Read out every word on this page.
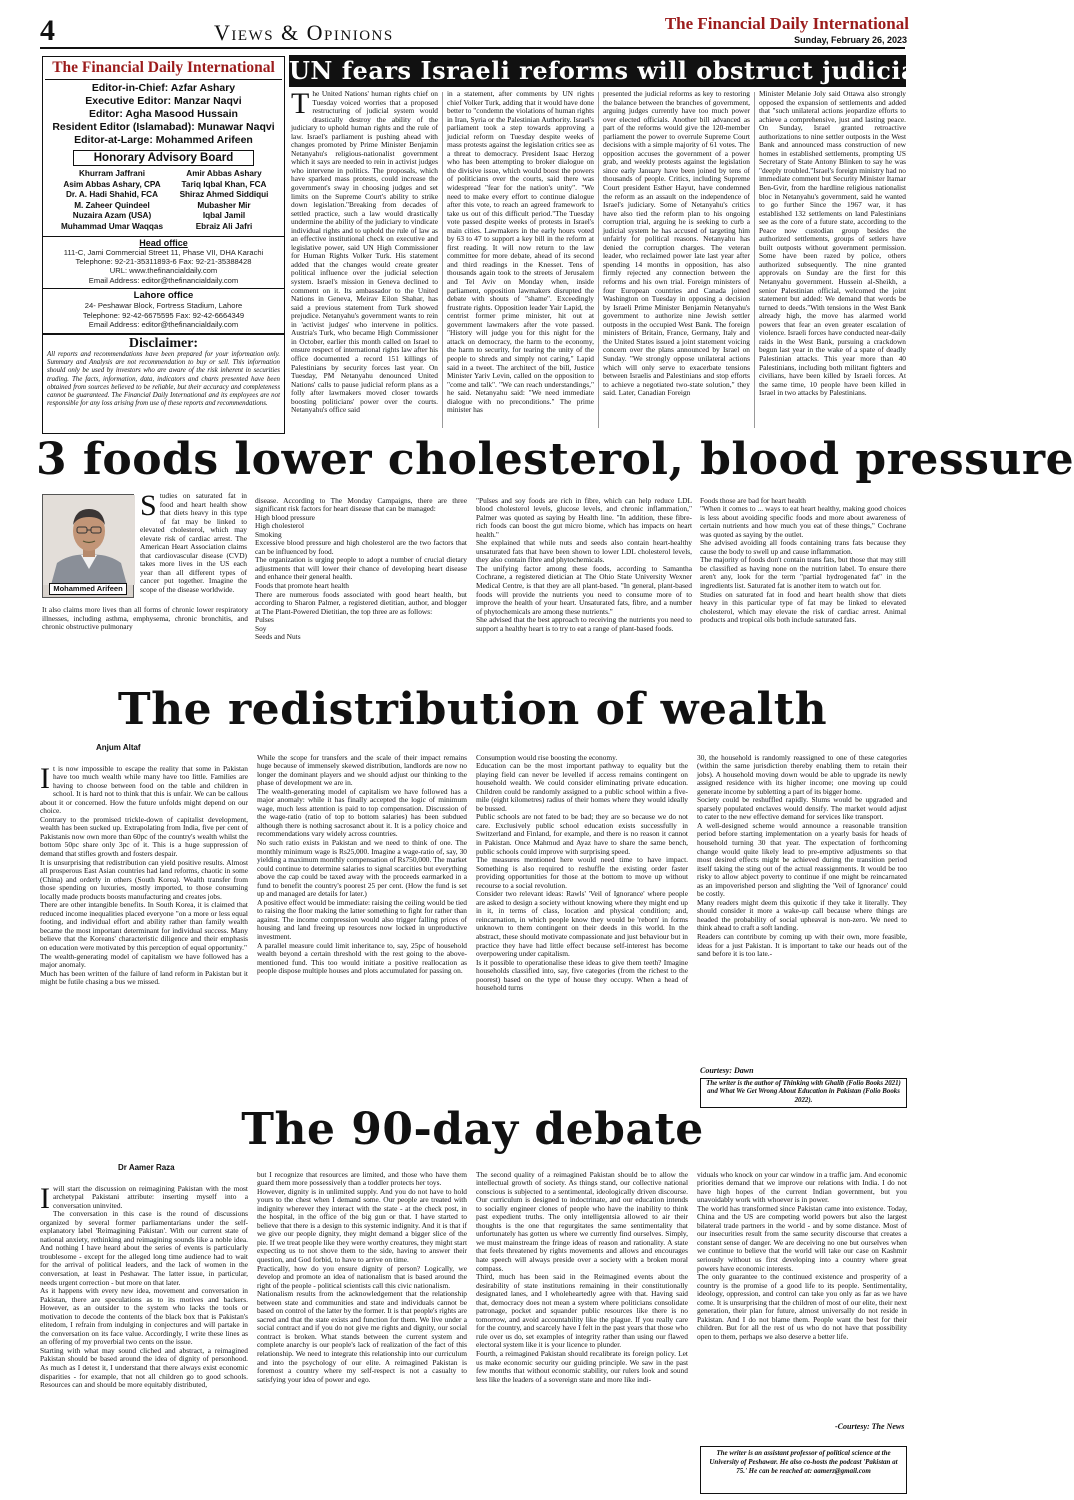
4	Views & Opinions	The Financial Daily International
Sunday, February 26, 2023
The Financial Daily International
Editor-in-Chief: Azfar Ashary
Executive Editor: Manzar Naqvi
Editor: Agha Masood Hussain
Resident Editor (Islamabad): Munawar Naqvi
Editor-at-Large: Mohammed Arifeen
Honorary Advisory Board
Khurram Jaffrani
Asim Abbas Ashary, CPA
Dr. A. Hadi Shahid, FCA
M. Zaheer Quindeel
Nuzaira Azam (USA)
Muhammad Umar Waqqas
Amir Abbas Ashary
Tariq Iqbal Khan, FCA
Shiraz Ahmed Siddiqui
Mubasher Mir
Iqbal Jamil
Ebraiz Ali Jafri
Head office
111-C, Jami Commercial Street 11, Phase VII, DHA Karachi
Telephone: 92-21-35311893-6 Fax: 92-21-35388428
URL: www.thefinancialdaily.com
Email Address: editor@thefinancialdaily.com
Lahore office
24- Peshawar Block, Fortress Stadium, Lahore
Telephone: 92-42-6675595 Fax: 92-42-6664349
Email Address: editor@thefinancialdaily.com
Disclaimer:
All reports and recommendations have been prepared for your information only. Summary and Analysis are not recommendation to buy or sell. This information should only be used by investors who are aware of the risk inherent in securities trading. The facts, information, data, indicators and charts presented have been obtained from sources believed to be reliable, but their accuracy and completeness cannot be guaranteed. The Financial Daily International and its employees are not responsible for any loss arising from use of these reports and recommendations.
UN fears Israeli reforms will obstruct judiciary
The United Nations' human rights chief on Tuesday voiced worries that a proposed restructuring of judicial system would drastically destroy the ability of the judiciary to uphold human rights and the rule of law. Israel's parliament is pushing ahead with changes promoted by Prime Minister Benjamin Netanyahu's religious-nationalist government which it says are needed to rein in activist judges who intervene in politics. The proposals, which have sparked mass protests, could increase the government's sway in choosing judges and set limits on the Supreme Court's ability to strike down legislation."Breaking from decades of settled practice, such a law would drastically undermine the ability of the judiciary to vindicate individual rights and to uphold the rule of law as an effective institutional check on executive and legislative power, said UN High Commissioner for Human Rights Volker Turk. His statement added that the changes would create greater political influence over the judicial selection system. Israel's mission in Geneva declined to comment on it. Its ambassador to the United Nations in Geneva, Meirav Eilon Shahar, has said a previous statement from Turk showed prejudice. Netanyahu's government wants to rein in 'activist judges' who intervene in politics. Austria's Turk, who became High Commissioner in October, earlier this month called on Israel to ensure respect of international rights law after his office documented a record 151 killings of Palestinians by security forces last year. On Tuesday, PM Netanyahu denounced United Nations' calls to pause judicial reform plans as a folly after lawmakers moved closer towards boosting politicians' power over the courts. Netanyahu's office said
in a statement, after comments by UN rights chief Volker Turk, adding that it would have done better to "condemn the violations of human rights in Iran, Syria or the Palestinian Authority. Israel's parliament took a step towards approving a judicial reform on Tuesday despite weeks of mass protests against the legislation critics see as a threat to democracy. President Isaac Herzog who has been attempting to broker dialogue on the divisive issue, which would boost the powers of politicians over the courts, said there was widespread "fear for the nation's unity". "We need to make every effort to continue dialogue after this vote, to reach an agreed framework to take us out of this difficult period."The Tuesday vote passed despite weeks of protests in Israel's main cities. Lawmakers in the early hours voted by 63 to 47 to support a key bill in the reform at first reading. It will now return to the law committee for more debate, ahead of its second and third readings in the Knesset. Tens of thousands again took to the streets of Jerusalem and Tel Aviv on Monday when, inside parliament, opposition lawmakers disrupted the debate with shouts of "shame". Exceedingly frustrate rights. Opposition leader Yair Lapid, the centrist former prime minister, hit out at government lawmakers after the vote passed. "History will judge you for this night for the attack on democracy, the harm to the economy, the harm to security, for tearing the unity of the people to shreds and simply not caring," Lapid said in a tweet. The architect of the bill, Justice Minister Yariv Levin, called on the opposition to "come and talk". "We can reach understandings," he said. Netanyahu said: "We need immediate dialogue with no preconditions." The prime minister has
presented the judicial reforms as key to restoring the balance between the branches of government, arguing judges currently have too much power over elected officials. Another bill advanced as part of the reforms would give the 120-member parliament the power to overrule Supreme Court decisions with a simple majority of 61 votes. The opposition accuses the government of a power grab, and weekly protests against the legislation since early January have been joined by tens of thousands of people. Critics, including Supreme Court president Esther Hayut, have condemned the reform as an assault on the independence of Israel's judiciary. Some of Netanyahu's critics have also tied the reform plan to his ongoing corruption trial, arguing he is seeking to curb a judicial system he has accused of targeting him unfairly for political reasons. Netanyahu has denied the corruption charges. The veteran leader, who reclaimed power late last year after spending 14 months in opposition, has also firmly rejected any connection between the reforms and his own trial. Foreign ministers of four European countries and Canada joined Washington on Tuesday in opposing a decision by Israeli Prime Minister Benjamin Netanyahu's government to authorize nine Jewish settler outposts in the occupied West Bank. The foreign ministers of Britain, France, Germany, Italy and the United States issued a joint statement voicing concern over the plans announced by Israel on Sunday. "We strongly oppose unilateral actions which will only serve to exacerbate tensions between Israelis and Palestinians and stop efforts to achieve a negotiated two-state solution," they said. Later, Canadian Foreign
Minister Melanie Joly said Ottawa also strongly opposed the expansion of settlements and added that "such unilateral actions jeopardize efforts to achieve a comprehensive, just and lasting peace. On Sunday, Israel granted retroactive authorizations to nine settler outposts in the West Bank and announced mass construction of new homes in established settlements, prompting US Secretary of State Antony Blinken to say he was "deeply troubled."Israel's foreign ministry had no immediate comment but Security Minister Itamar Ben-Gvir, from the hardline religious nationalist bloc in Netanyahu's government, said he wanted to go further Since the 1967 war, it has established 132 settlements on land Palestinians see as the core of a future state, according to the Peace now custodian group besides the authorized settlements, groups of setlers have built outposts without government permission. Some have been razed by police, others authorized subsequently. The nine granted approvals on Sunday are the first for this Netanyahu government. Hussein al-Sheikh, a senior Palestinian official, welcomed the joint statement but added: We demand that words be turned to deeds."With tensions in the West Bank already high, the move has alarmed world powers that fear an even greater escalation of violence. Israeli forces have conducted near-daily raids in the West Bank, pursuing a crackdown begun last year in the wake of a spate of deadly Palestinian attacks. This year more than 40 Palestinians, including both militant fighters and civilians, have been killed by Israeli forces. At the same time, 10 people have been killed in Israel in two attacks by Palestinians.
3 foods lower cholesterol, blood pressure
Mohammed Arifeen
Studies on saturated fat in food and heart health show that diets heavy in this type of fat may be linked to elevated cholesterol, which may elevate risk of cardiac arrest. The American Heart Association claims that cardiovascular disease (CVD) takes more lives in the US each year than all different types of cancer put together. Imagine the scope of the disease worldwide.
It also claims more lives than all forms of chronic lower respiratory illnesses, including asthma, emphysema, chronic bronchitis, and chronic obstructive pulmonary

disease. According to The Monday Campaigns, there are three significant risk factors for heart disease that can be managed:
High blood pressure
High cholesterol
Smoking
Excessive blood pressure and high cholesterol are the two factors that can be influenced by food.
The organization is urging people to adopt a number of crucial dietary adjustments that will lower their chance of developing heart disease and enhance their general health.
Foods that promote heart health
There are numerous foods associated with good heart health, but according to Sharon Palmer, a registered dietitian, author, and blogger at The Plant-Powered Dietitian, the top three are as follows:
Pulses
Soy
Seeds and Nuts

"Pulses and soy foods are rich in fibre, which can help reduce LDL blood cholesterol levels, glucose levels, and chronic inflammation," Palmer was quoted as saying by Health line. "In addition, these fibre-rich foods can boost the gut micro biome, which has impacts on heart health."
She explained that while nuts and seeds also contain heart-healthy unsaturated fats that have been shown to lower LDL cholesterol levels, they also contain fibre and phytochemicals.
The unifying factor among these foods, according to Samantha Cochrane, a registered dietician at The Ohio State University Wexner Medical Centre, is that they are all plant-based. "In general, plant-based foods will provide the nutrients you need to consume more of to improve the health of your heart. Unsaturated fats, fibre, and a number of phytochemicals are among these nutrients."
She advised that the best approach to receiving the nutrients you need to support a healthy heart is to try to eat a range of plant-based foods.

Foods those are bad for heart health
"When it comes to ... ways to eat heart healthy, making good choices is less about avoiding specific foods and more about awareness of certain nutrients and how much you eat of these things," Cochrane was quoted as saying by the outlet.
She advised avoiding all foods containing trans fats because they cause the body to swell up and cause inflammation.
The majority of foods don't contain trans fats, but those that may still be classified as having none on the nutrition label. To ensure there aren't any, look for the term "partial hydrogenated fat" in the ingredients list. Saturated fat is another item to watch out for.
Studies on saturated fat in food and heart health show that diets heavy in this particular type of fat may be linked to elevated cholesterol, which may elevate the risk of cardiac arrest. Animal products and tropical oils both include saturated fats.

The redistribution of wealth
Anjum Altaf

It is now impossible to escape the reality that some in Pakistan have too much wealth while many have too little. Families are having to choose between food on the table and children in school. It is hard not to think that this is unfair. We can be callous about it or concerned. How the future unfolds might depend on our choice.
Contrary to the promised trickle-down of capitalist development, wealth has been sucked up. Extrapolating from India, five per cent of Pakistanis now own more than 60pc of the country's wealth whilst the bottom 50pc share only 3pc of it. This is a huge suppression of demand that stifles growth and fosters despair.
It is unsurprising that redistribution can yield positive results. Almost all prosperous East Asian countries had land reforms, chaotic in some (China) and orderly in others (South Korea). Wealth transfer from those spending on luxuries, mostly imported, to those consuming locally made products boosts manufacturing and creates jobs.
There are other intangible benefits. In South Korea, it is claimed that reduced income inequalities placed everyone "on a more or less equal footing, and individual effort and ability rather than family wealth became the most important determinant for individual success. Many believe that the Koreans' characteristic diligence and their emphasis on education were motivated by this perception of equal opportunity."
The wealth-generating model of capitalism we have followed has a major anomaly.
Much has been written of the failure of land reform in Pakistan but it might be futile chasing a bus we missed.

While the scope for transfers and the scale of their impact remains huge because of immensely skewed distribution, landlords are now no longer the dominant players and we should adjust our thinking to the phase of development we are in.
The wealth-generating model of capitalism we have followed has a major anomaly: while it has finally accepted the logic of minimum wage, much less attention is paid to top compensation. Discussion of the wage-ratio (ratio of top to bottom salaries) has been subdued although there is nothing sacrosanct about it. It is a policy choice and recommendations vary widely across countries.
No such ratio exists in Pakistan and we need to think of one. The monthly minimum wage is Rs25,000. Imagine a wage-ratio of, say, 30 yielding a maximum monthly compensation of Rs750,000. The market could continue to determine salaries to signal scarcities but everything above the cap could be taxed away with the proceeds earmarked in a fund to benefit the country's poorest 25 per cent. (How the fund is set up and managed are details for later.)
A positive effect would be immediate: raising the ceiling would be tied to raising the floor making the latter something to fight for rather than against. The income compression would also trigger falling prices of housing and land freeing up resources now locked in unproductive investment.
A parallel measure could limit inheritance to, say, 25pc of household wealth beyond a certain threshold with the rest going to the above-mentioned fund. This too would initiate a positive reallocation as people dispose multiple houses and plots accumulated for passing on.

Consumption would rise boosting the economy.
Education can be the most important pathway to equality but the playing field can never be levelled if access remains contingent on household wealth. We could consider eliminating private education. Children could be randomly assigned to a public school within a five-mile (eight kilometres) radius of their homes where they would ideally be bussed.
Public schools are not fated to be bad; they are so because we do not care. Exclusively public school education exists successfully in Switzerland and Finland, for example, and there is no reason it cannot in Pakistan. Once Mahmud and Ayaz have to share the same bench, public schools could improve with surprising speed.
The measures mentioned here would need time to have impact. Something is also required to reshuffle the existing order faster providing opportunities for those at the bottom to move up without recourse to a social revolution.
Consider two relevant ideas: Rawls' 'Veil of Ignorance' where people are asked to design a society without knowing where they might end up in it, in terms of class, location and physical condition; and, reincarnation, in which people know they would be 'reborn' in forms unknown to them contingent on their deeds in this world. In the abstract, these should motivate compassionate and just behaviour but in practice they have had little effect because self-interest has become overpowering under capitalism.
Is it possible to operationalise these ideas to give them teeth? Imagine households classified into, say, five categories (from the richest to the poorest) based on the type of house they occupy. When a head of household turns

30, the household is randomly reassigned to one of these categories (within the same jurisdiction thereby enabling them to retain their jobs). A household moving down would be able to upgrade its newly assigned residence with its higher income; one moving up could generate income by subletting a part of its bigger home.
Society could be reshuffled rapidly. Slums would be upgraded and sparsely populated enclaves would densify. The market would adjust to cater to the new effective demand for services like transport.
A well-designed scheme would announce a reasonable transition period before starting implementation on a yearly basis for heads of household turning 30 that year. The expectation of forthcoming change would quite likely lead to pre-emptive adjustments so that most desired effects might be achieved during the transition period itself taking the sting out of the actual reassignments. It would be too risky to allow abject poverty to continue if one might be reincarnated as an impoverished person and slighting the 'Veil of Ignorance' could be costly.
Many readers might deem this quixotic if they take it literally. They should consider it more a wake-up call because where things are headed the probability of social upheaval is non-zero. We need to think ahead to craft a soft landing.
Readers can contribute by coming up with their own, more feasible, ideas for a just Pakistan. It is important to take our heads out of the sand before it is too late.-

Courtesy: Dawn
The writer is the author of Thinking with Ghalib (Folio Books 2021) and What We Get Wrong About Education in Pakistan (Folio Books 2022).
The 90-day debate
Dr Aamer Raza

Iwill start the discussion on reimagining Pakistan with the most archetypal Pakistani attribute: inserting myself into a conversation uninvited.
The conversation in this case is the round of discussions organized by several former parliamentarians under the self-explanatory label 'Reimagining Pakistan'. With our current state of national anxiety, rethinking and reimagining sounds like a noble idea. And nothing I have heard about the series of events is particularly troublesome - except for the alleged long time audience had to wait for the arrival of political leaders, and the lack of women in the conversation, at least in Peshawar. The latter issue, in particular, needs urgent correction - but more on that later.
As it happens with every new idea, movement and conversation in Pakistan, there are speculations as to its motives and backers. However, as an outsider to the system who lacks the tools or motivation to decode the contents of the black box that is Pakistan's elitedom, I refrain from indulging in conjectures and will partake in the conversation on its face value. Accordingly, I write these lines as an offering of my proverbial two cents on the issue.
Starting with what may sound cliched and abstract, a reimagined Pakistan should be based around the idea of dignity of personhood. As much as I detest it, I understand that there always exist economic disparities - for example, that not all children go to good schools. Resources can and should be more equitably distributed,

but I recognize that resources are limited, and those who have them guard them more possessively than a toddler protects her toys.
However, dignity is in unlimited supply. And you do not have to hold yours to the chest when I demand some. Our people are treated with indignity wherever they interact with the state - at the check post, in the hospital, in the office of the big gun or that. I have started to believe that there is a design to this systemic indignity. And it is that if we give our people dignity, they might demand a bigger slice of the pie. If we treat people like they were worthy creatures, they might start expecting us to not shove them to the side, having to answer their question, and God forbid, to have to arrive on time.
Practically, how do you ensure dignity of person? Logically, we develop and promote an idea of nationalism that is based around the right of the people - political scientists call this civic nationalism.
Nationalism results from the acknowledgement that the relationship between state and communities and state and individuals cannot be based on control of the latter by the former. It is that people's rights are sacred and that the state exists and function for them. We live under a social contract and if you do not give me rights and dignity, our social contract is broken. What stands between the current system and complete anarchy is our people's lack of realization of the fact of this relationship. We need to integrate this relationship into our curriculum and into the psychology of our elite. A reimagined Pakistan is foremost a country where my self-respect is not a casualty to satisfying your idea of power and ego.

The second quality of a reimagined Pakistan should be to allow the intellectual growth of society. As things stand, our collective national conscious is subjected to a sentimental, ideologically driven discourse. Our curriculum is designed to indoctrinate, and our education intends to socially engineer clones of people who have the inability to think past expedient truths. The only intelligentsia allowed to air their thoughts is the one that regurgitates the same sentimentality that unfortunately has gotten us where we currently find ourselves. Simply, we must mainstream the fringe ideas of reason and rationality. A state that feels threatened by rights movements and allows and encourages hate speech will always preside over a society with a broken moral compass.
Third, much has been said in the Reimagined events about the desirability of state institutions remaining in their constitutionally designated lanes, and I wholeheartedly agree with that. Having said that, democracy does not mean a system where politicians consolidate patronage, pocket and squander public resources like there is no tomorrow, and avoid accountability like the plague. If you really care for the country, and scarcely have I felt in the past years that those who rule over us do, set examples of integrity rather than using our flawed electoral system like it is your licence to plunder.
Fourth, a reimagined Pakistan should recalibrate its foreign policy. Let us make economic security our guiding principle. We saw in the past few months that without economic stability, our rulers look and sound less like the leaders of a sovereign state and more like indi-

viduals who knock on your car window in a traffic jam. And economic priorities demand that we improve our relations with India. I do not have high hopes of the current Indian government, but you unavoidably work with whoever is in power.
The world has transformed since Pakistan came into existence. Today, China and the US are competing world powers but also the largest bilateral trade partners in the world - and by some distance. Most of our insecurities result from the same security discourse that creates a constant sense of danger. We are deceiving no one but ourselves when we continue to believe that the world will take our case on Kashmir seriously without us first developing into a country where great powers have economic interests.
The only guarantee to the continued existence and prosperity of a country is the promise of a good life to its people. Sentimentality, ideology, oppression, and control can take you only as far as we have come. It is unsurprising that the children of most of our elite, their next generation, their plan for future, almost universally do not reside in Pakistan. And I do not blame them. People want the best for their children. But for all the rest of us who do not have that possibility open to them, perhaps we also deserve a better life.

-Courtesy: The News
The writer is an assistant professor of political science at the University of Peshawar. He also co-hosts the podcast 'Pakistan at 75.' He can be reached at: aamerz@gmail.com
